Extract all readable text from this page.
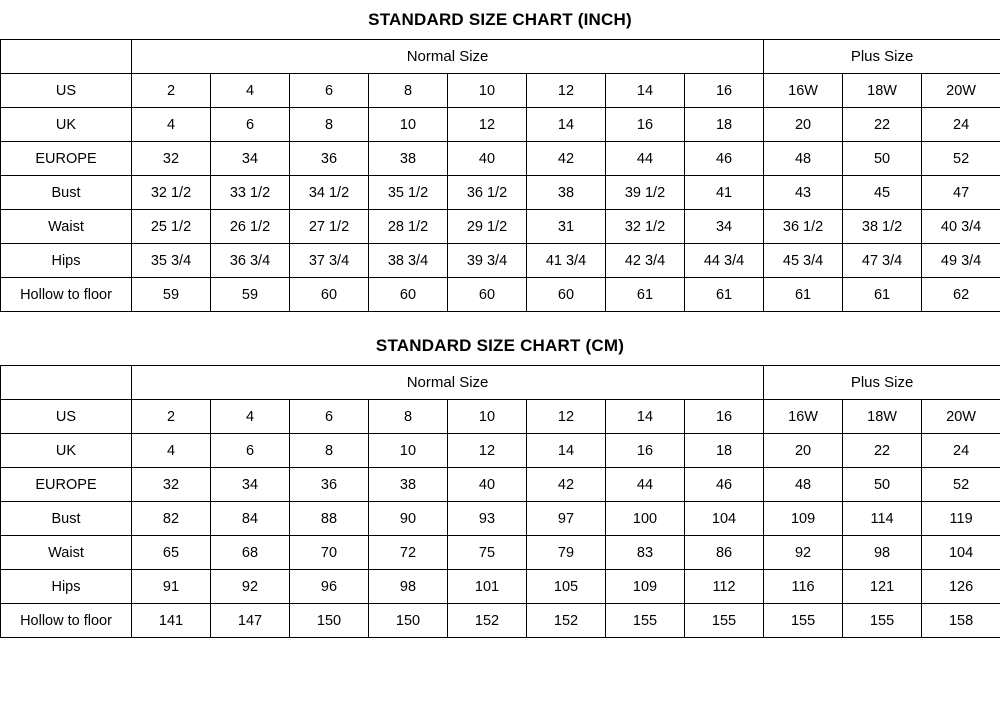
STANDARD SIZE CHART (INCH)
	Normal Size								Plus Size		
US	2	4	6	8	10	12	14	16	16W	18W	20W
UK	4	6	8	10	12	14	16	18	20	22	24
EUROPE	32	34	36	38	40	42	44	46	48	50	52
Bust	32 1/2	33 1/2	34 1/2	35 1/2	36 1/2	38	39 1/2	41	43	45	47
Waist	25 1/2	26 1/2	27 1/2	28 1/2	29 1/2	31	32 1/2	34	36 1/2	38 1/2	40 3/4
Hips	35 3/4	36 3/4	37 3/4	38 3/4	39 3/4	41 3/4	42 3/4	44 3/4	45 3/4	47 3/4	49 3/4
Hollow to floor	59	59	60	60	60	60	61	61	61	61	62
STANDARD SIZE CHART (CM)
	Normal Size								Plus Size		
US	2	4	6	8	10	12	14	16	16W	18W	20W
UK	4	6	8	10	12	14	16	18	20	22	24
EUROPE	32	34	36	38	40	42	44	46	48	50	52
Bust	82	84	88	90	93	97	100	104	109	114	119
Waist	65	68	70	72	75	79	83	86	92	98	104
Hips	91	92	96	98	101	105	109	112	116	121	126
Hollow to floor	141	147	150	150	152	152	155	155	155	155	158
